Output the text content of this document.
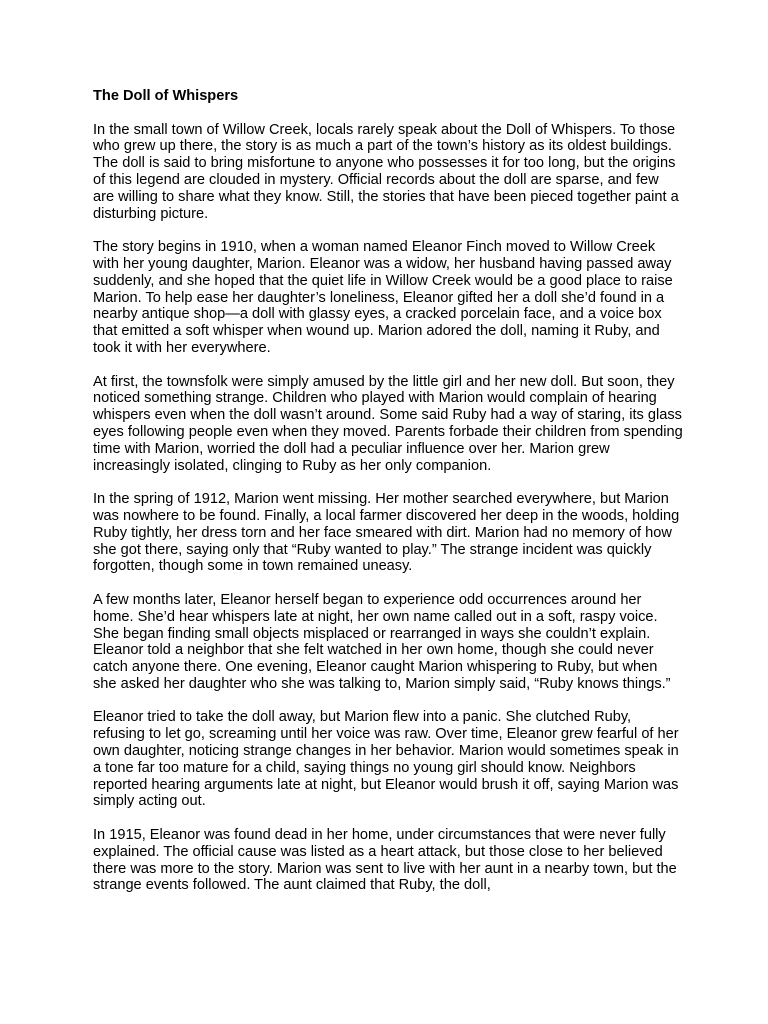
The Doll of Whispers

In the small town of Willow Creek, locals rarely speak about the Doll of Whispers. To those who grew up there, the story is as much a part of the town’s history as its oldest buildings. The doll is said to bring misfortune to anyone who possesses it for too long, but the origins of this legend are clouded in mystery. Official records about the doll are sparse, and few are willing to share what they know. Still, the stories that have been pieced together paint a disturbing picture.

The story begins in 1910, when a woman named Eleanor Finch moved to Willow Creek with her young daughter, Marion. Eleanor was a widow, her husband having passed away suddenly, and she hoped that the quiet life in Willow Creek would be a good place to raise Marion. To help ease her daughter’s loneliness, Eleanor gifted her a doll she’d found in a nearby antique shop—a doll with glassy eyes, a cracked porcelain face, and a voice box that emitted a soft whisper when wound up. Marion adored the doll, naming it Ruby, and took it with her everywhere.

At first, the townsfolk were simply amused by the little girl and her new doll. But soon, they noticed something strange. Children who played with Marion would complain of hearing whispers even when the doll wasn’t around. Some said Ruby had a way of staring, its glass eyes following people even when they moved. Parents forbade their children from spending time with Marion, worried the doll had a peculiar influence over her. Marion grew increasingly isolated, clinging to Ruby as her only companion.

In the spring of 1912, Marion went missing. Her mother searched everywhere, but Marion was nowhere to be found. Finally, a local farmer discovered her deep in the woods, holding Ruby tightly, her dress torn and her face smeared with dirt. Marion had no memory of how she got there, saying only that “Ruby wanted to play.” The strange incident was quickly forgotten, though some in town remained uneasy.

A few months later, Eleanor herself began to experience odd occurrences around her home. She’d hear whispers late at night, her own name called out in a soft, raspy voice. She began finding small objects misplaced or rearranged in ways she couldn’t explain. Eleanor told a neighbor that she felt watched in her own home, though she could never catch anyone there. One evening, Eleanor caught Marion whispering to Ruby, but when she asked her daughter who she was talking to, Marion simply said, “Ruby knows things.”

Eleanor tried to take the doll away, but Marion flew into a panic. She clutched Ruby, refusing to let go, screaming until her voice was raw. Over time, Eleanor grew fearful of her own daughter, noticing strange changes in her behavior. Marion would sometimes speak in a tone far too mature for a child, saying things no young girl should know. Neighbors reported hearing arguments late at night, but Eleanor would brush it off, saying Marion was simply acting out.

In 1915, Eleanor was found dead in her home, under circumstances that were never fully explained. The official cause was listed as a heart attack, but those close to her believed there was more to the story. Marion was sent to live with her aunt in a nearby town, but the strange events followed. The aunt claimed that Ruby, the doll,
